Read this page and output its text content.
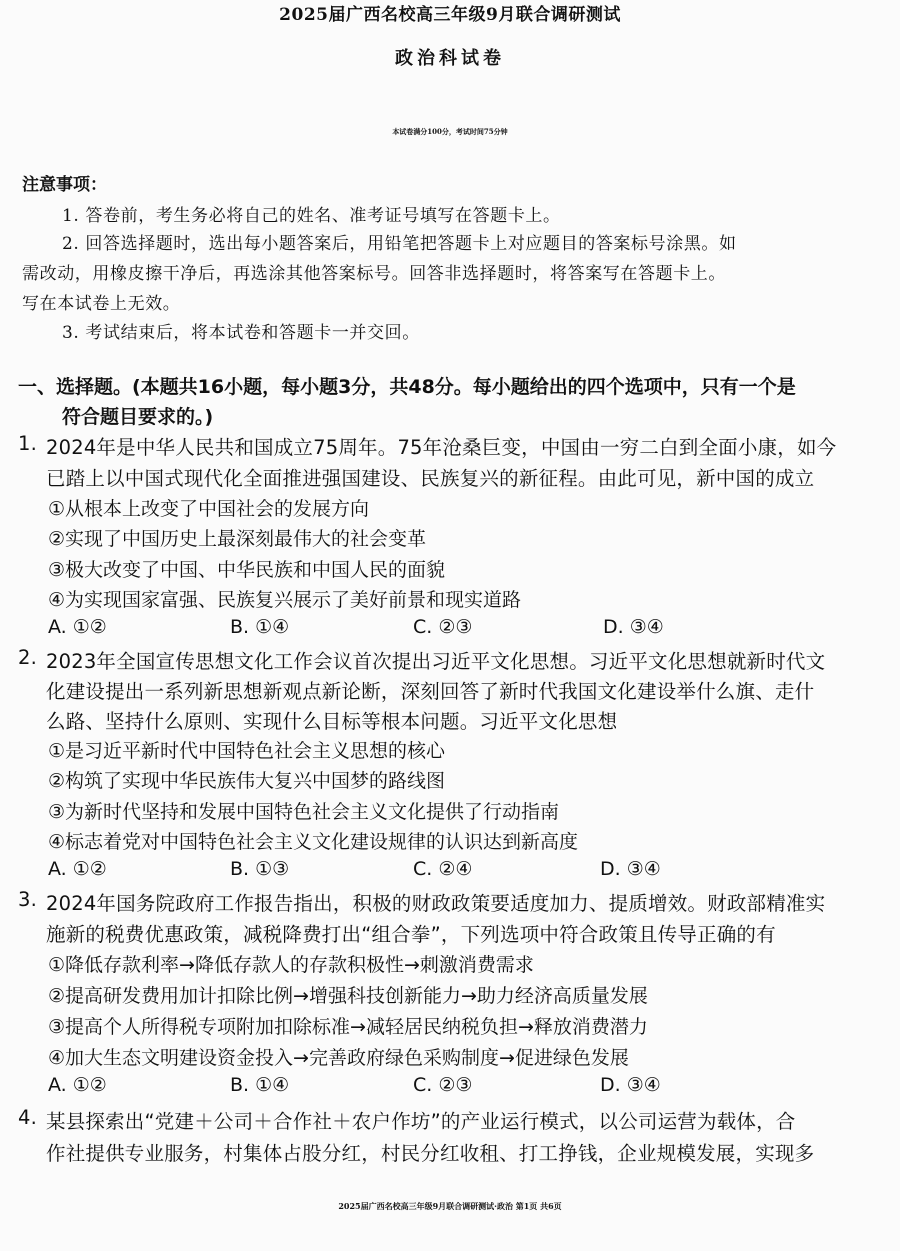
2025届广西名校高三年级9月联合调研测试
政治科试卷
本试卷满分100分，考试时间75分钟
注意事项：
1. 答卷前，考生务必将自己的姓名、准考证号填写在答题卡上。
2. 回答选择题时，选出每小题答案后，用铅笔把答题卡上对应题目的答案标号涂黑。如
需改动，用橡皮擦干净后，再选涂其他答案标号。回答非选择题时，将答案写在答题卡上。
写在本试卷上无效。
3. 考试结束后，将本试卷和答题卡一并交回。
一、选择题。(本题共16小题，每小题3分，共48分。每小题给出的四个选项中，只有一个是
符合题目要求的。)
1. 2024年是中华人民共和国成立75周年。75年沧桑巨变，中国由一穷二白到全面小康，如今
已踏上以中国式现代化全面推进强国建设、民族复兴的新征程。由此可见，新中国的成立
①从根本上改变了中国社会的发展方向
②实现了中国历史上最深刻最伟大的社会变革
③极大改变了中国、中华民族和中国人民的面貌
④为实现国家富强、民族复兴展示了美好前景和现实道路
A. ①②	B. ①④	C. ②③	D. ③④
2. 2023年全国宣传思想文化工作会议首次提出习近平文化思想。习近平文化思想就新时代文
化建设提出一系列新思想新观点新论断，深刻回答了新时代我国文化建设举什么旗、走什
么路、坚持什么原则、实现什么目标等根本问题。习近平文化思想
①是习近平新时代中国特色社会主义思想的核心
②构筑了实现中华民族伟大复兴中国梦的路线图
③为新时代坚持和发展中国特色社会主义文化提供了行动指南
④标志着党对中国特色社会主义文化建设规律的认识达到新高度
A. ①②	B. ①③	C. ②④	D. ③④
3. 2024年国务院政府工作报告指出，积极的财政政策要适度加力、提质增效。财政部精准实
施新的税费优惠政策，减税降费打出“组合拳”，下列选项中符合政策且传导正确的有
①降低存款利率→降低存款人的存款积极性→刺激消费需求
②提高研发费用加计扣除比例→增强科技创新能力→助力经济高质量发展
③提高个人所得税专项附加扣除标准→减轻居民纳税负担→释放消费潜力
④加大生态文明建设资金投入→完善政府绿色采购制度→促进绿色发展
A. ①②	B. ①④	C. ②③	D. ③④
4. 某县探索出“党建＋公司＋合作社＋农户作坊”的产业运行模式，以公司运营为载体，合
作社提供专业服务，村集体占股分红，村民分红收租、打工挣钱，企业规模发展，实现多
2025届广西名校高三年级9月联合调研测试·政治 第1页 共6页
